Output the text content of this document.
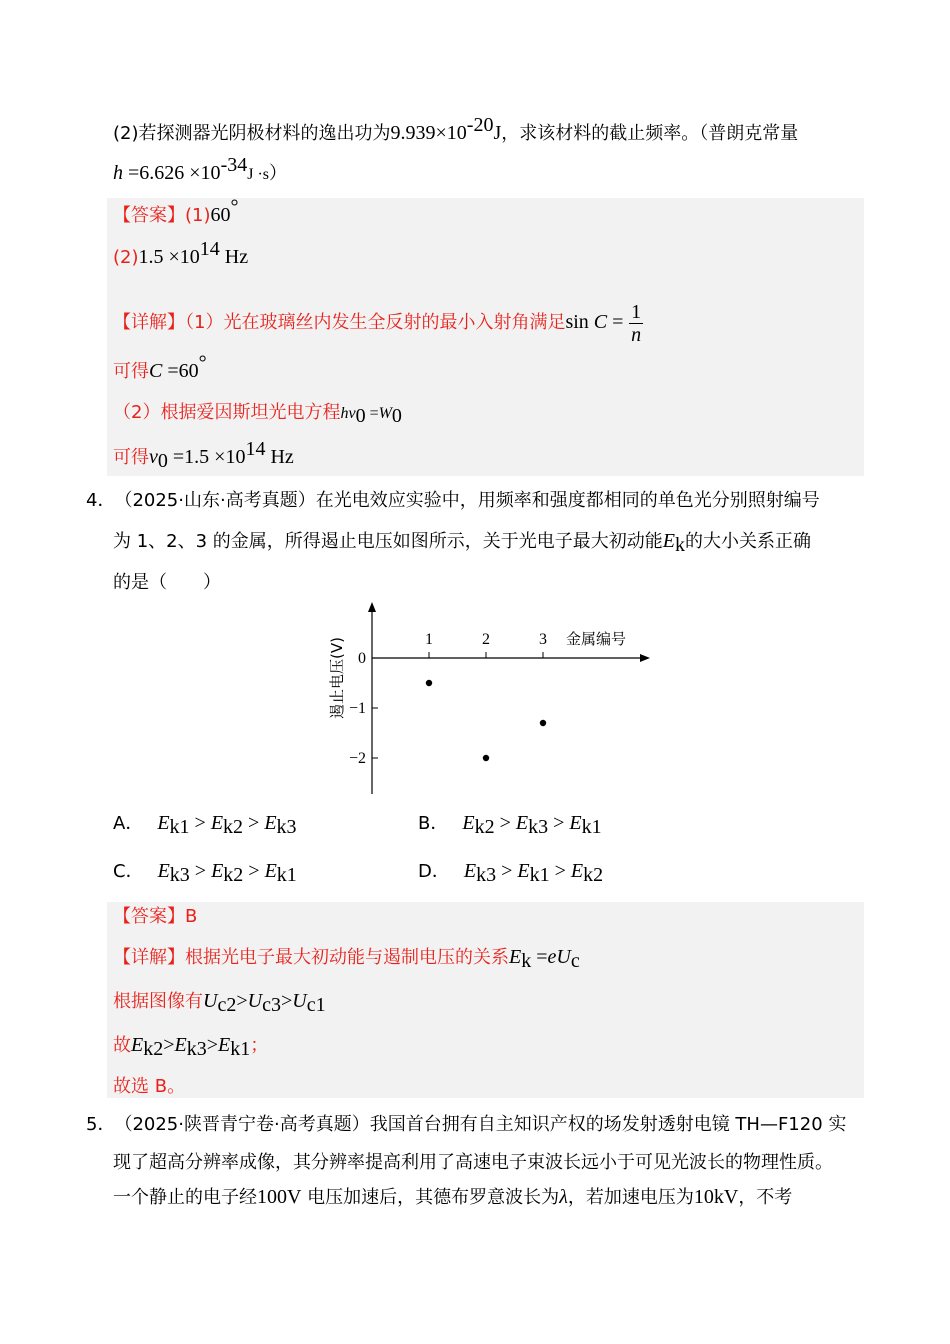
(2)若探测器光阴极材料的逸出功为$9.939\times 10^{-20}J$，求该材料的截止频率。（普朗克常量
$h =6.626 \times 10^{-34}J \cdot s$）
【答案】(1)60°
$(2)1.5 \times 10^{14}$ Hz
【详解】（1）光在玻璃丝内发生全反射的最小入射角满足$\sin C = \frac{1}{n}$
可得C =60°
（2）根据爱因斯坦光电方程$h\nu_0 =W_0$
可得$\nu_0 =1.5 \times 10^{14}$ Hz
4． （2025·山东·高考真题）在光电效应实验中，用频率和强度都相同的单色光分别照射编号
为 1、2、3 的金属，所得遏止电压如图所示，关于光电子最大初动能$E_k$的大小关系正确
的是（　　）
1	2	3
0
−1
−2
金属编号
遏止电压(V)
A． $E_{k1} > E_{k2} > E_{k3}$	B． $E_{k2} > E_{k3} > E_{k1}$
C． $E_{k3} > E_{k2} > E_{k1}$	D． $E_{k3} > E_{k1} > E_{k2}$
【答案】B
【详解】根据光电子最大初动能与遏制电压的关系$E_k =eU_c$
根据图像有$U_{c2}>U_{c3}>U_{c1}$
故$E_{k2}>E_{k3}>E_{k1}$；
故选 B。
5． （2025·陕晋青宁卷·高考真题）我国首台拥有自主知识产权的场发射透射电镜 TH—F120 实
现了超高分辨率成像，其分辨率提高利用了高速电子束波长远小于可见光波长的物理性质。
一个静止的电子经100V 电压加速后，其德布罗意波长为λ，若加速电压为10kV，不考
